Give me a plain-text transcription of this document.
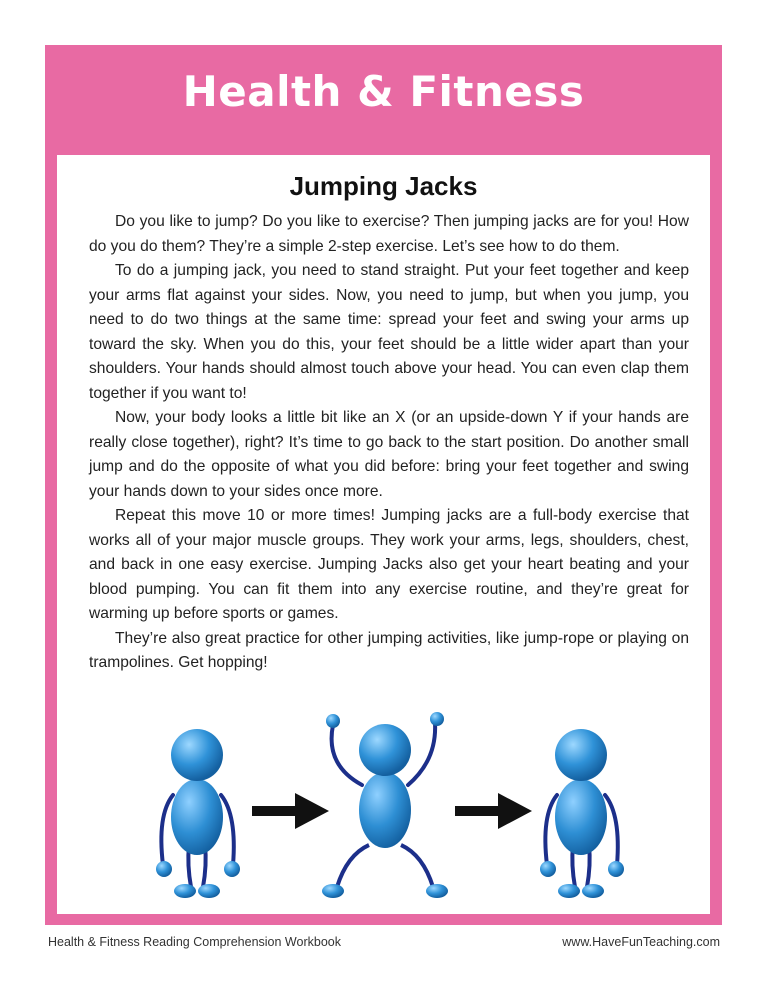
Health & Fitness
Jumping Jacks

Do you like to jump? Do you like to exercise? Then jumping jacks are for you! How do you do them? They’re a simple 2-step exercise. Let’s see how to do them.

To do a jumping jack, you need to stand straight. Put your feet together and keep your arms flat against your sides. Now, you need to jump, but when you jump, you need to do two things at the same time: spread your feet and swing your arms up toward the sky. When you do this, your feet should be a little wider apart than your shoulders. Your hands should almost touch above your head. You can even clap them together if you want to!

Now, your body looks a little bit like an X (or an upside-down Y if your hands are really close together), right? It’s time to go back to the start position. Do another small jump and do the opposite of what you did before: bring your feet together and swing your hands down to your sides once more.

Repeat this move 10 or more times! Jumping jacks are a full-body exercise that works all of your major muscle groups. They work your arms, legs, shoulders, chest, and back in one easy exercise. Jumping Jacks also get your heart beating and your blood pumping. You can fit them into any exercise routine, and they’re great for warming up before sports or games.

They’re also great practice for other jumping activities, like jump-rope or playing on trampolines. Get hopping!

Health & Fitness Reading Comprehension Workbook	www.HaveFunTeaching.com
